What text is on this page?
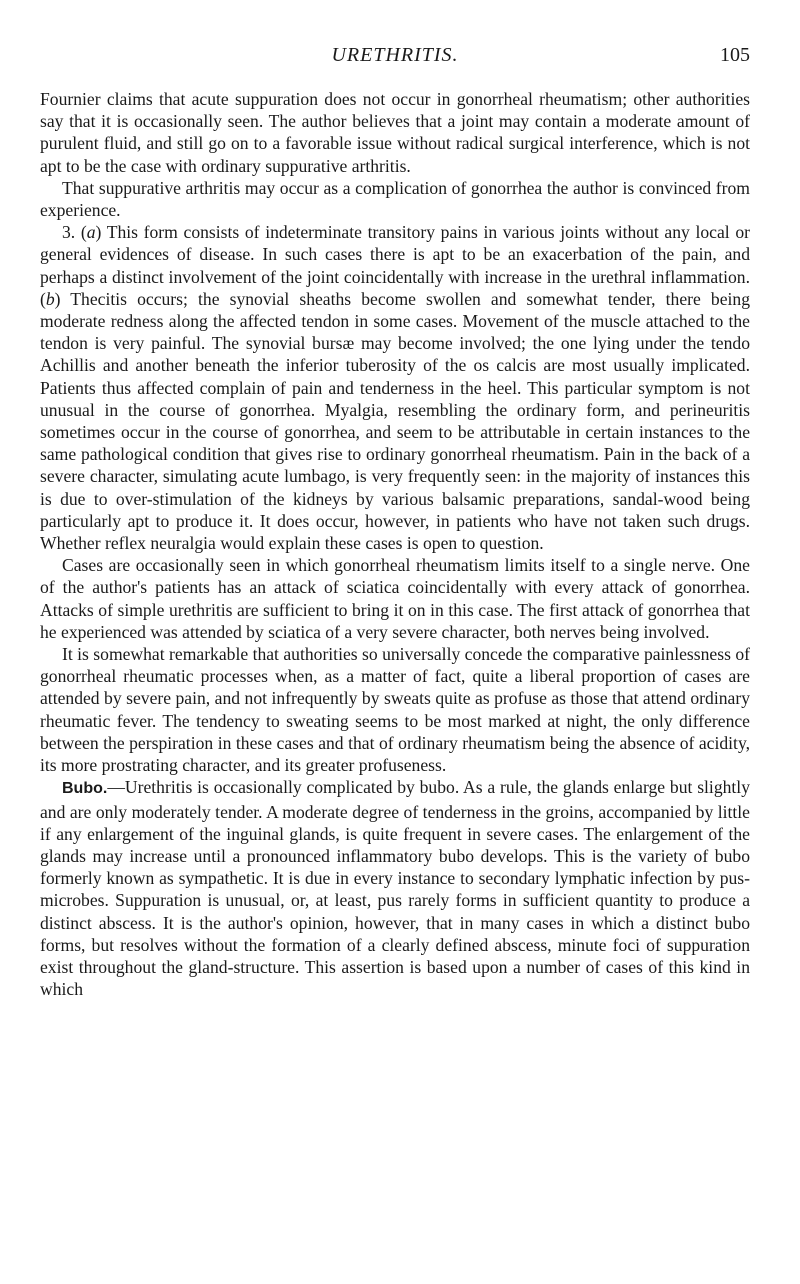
URETHRITIS.	105

Fournier claims that acute suppuration does not occur in gonorrheal rheumatism; other authorities say that it is occasionally seen. The author believes that a joint may contain a moderate amount of purulent fluid, and still go on to a favorable issue without radical surgical interference, which is not apt to be the case with ordinary suppurative arthritis.

That suppurative arthritis may occur as a complication of gonorrhea the author is convinced from experience.

3. (a) This form consists of indeterminate transitory pains in various joints without any local or general evidences of disease. In such cases there is apt to be an exacerbation of the pain, and perhaps a distinct involvement of the joint coincidentally with increase in the urethral inflammation. (b) Thecitis occurs; the synovial sheaths become swollen and somewhat tender, there being moderate redness along the affected tendon in some cases. Movement of the muscle attached to the tendon is very painful. The synovial bursæ may become involved; the one lying under the tendo Achillis and another beneath the inferior tuberosity of the os calcis are most usually implicated. Patients thus affected complain of pain and tenderness in the heel. This particular symptom is not unusual in the course of gonorrhea. Myalgia, resembling the ordinary form, and perineuritis sometimes occur in the course of gonorrhea, and seem to be attributable in certain instances to the same pathological condition that gives rise to ordinary gonorrheal rheumatism. Pain in the back of a severe character, simulating acute lumbago, is very frequently seen: in the majority of instances this is due to over-stimulation of the kidneys by various balsamic preparations, sandal-wood being particularly apt to produce it. It does occur, however, in patients who have not taken such drugs. Whether reflex neuralgia would explain these cases is open to question.

Cases are occasionally seen in which gonorrheal rheumatism limits itself to a single nerve. One of the author's patients has an attack of sciatica coincidentally with every attack of gonorrhea. Attacks of simple urethritis are sufficient to bring it on in this case. The first attack of gonorrhea that he experienced was attended by sciatica of a very severe character, both nerves being involved.

It is somewhat remarkable that authorities so universally concede the comparative painlessness of gonorrheal rheumatic processes when, as a matter of fact, quite a liberal proportion of cases are attended by severe pain, and not infrequently by sweats quite as profuse as those that attend ordinary rheumatic fever. The tendency to sweating seems to be most marked at night, the only difference between the perspiration in these cases and that of ordinary rheumatism being the absence of acidity, its more prostrating character, and its greater profuseness.

Bubo.—Urethritis is occasionally complicated by bubo. As a rule, the glands enlarge but slightly and are only moderately tender. A moderate degree of tenderness in the groins, accompanied by little if any enlargement of the inguinal glands, is quite frequent in severe cases. The enlargement of the glands may increase until a pronounced inflammatory bubo develops. This is the variety of bubo formerly known as sympathetic. It is due in every instance to secondary lymphatic infection by pus-microbes. Suppuration is unusual, or, at least, pus rarely forms in sufficient quantity to produce a distinct abscess. It is the author's opinion, however, that in many cases in which a distinct bubo forms, but resolves without the formation of a clearly defined abscess, minute foci of suppuration exist throughout the gland-structure. This assertion is based upon a number of cases of this kind in which
